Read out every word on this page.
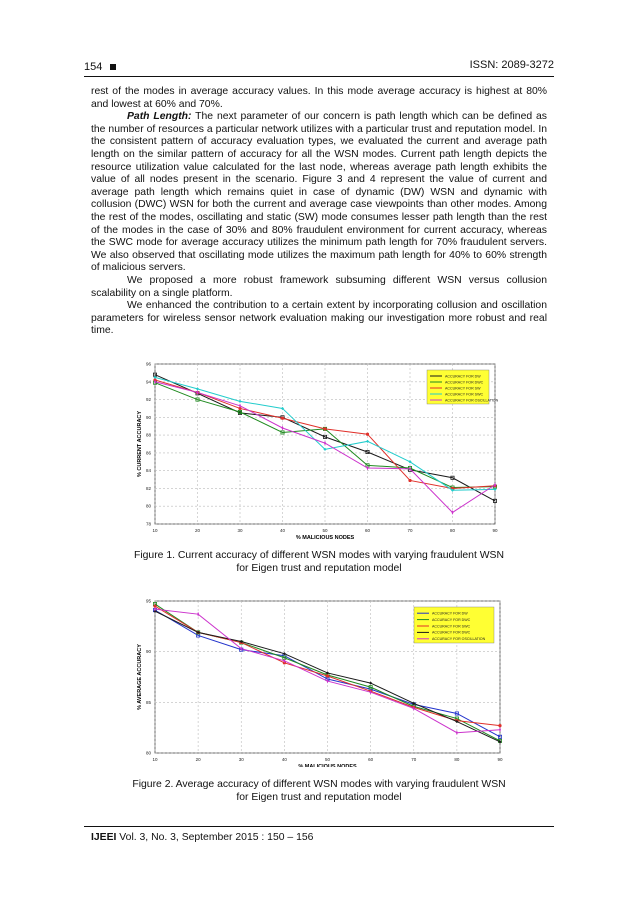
154	ISSN: 2089-3272

rest of the modes in average accuracy values. In this mode average accuracy is highest at 80% and lowest at 60% and 70%.

Path Length: The next parameter of our concern is path length which can be defined as the number of resources a particular network utilizes with a particular trust and reputation model. In the consistent pattern of accuracy evaluation types, we evaluated the current and average path length on the similar pattern of accuracy for all the WSN modes. Current path length depicts the resource utilization value calculated for the last node, whereas average path length exhibits the value of all nodes present in the scenario. Figure 3 and 4 represent the value of current and average path length which remains quiet in case of dynamic (DW) WSN and dynamic with collusion (DWC) WSN for both the current and average case viewpoints than other modes. Among the rest of the modes, oscillating and static (SW) mode consumes lesser path length than the rest of the modes in the case of 30% and 80% fraudulent environment for current accuracy, whereas the SWC mode for average accuracy utilizes the minimum path length for 70% fraudulent servers. We also observed that oscillating mode utilizes the maximum path length for 40% to 60% strength of malicious servers.

We proposed a more robust framework subsuming different WSN versus collusion scalability on a single platform.

We enhanced the contribution to a certain extent by incorporating collusion and oscillation parameters for wireless sensor network evaluation making our investigation more robust and real time.

10	20	30	40	50	60	70	80	90
78
80
82
84
86
88
90
92
94
96
% MALICIOUS NODES
% CURRENT ACCURACY
ACCURACY FOR DW
ACCURACY FOR DWC
ACCURACY FOR SW
ACCURACY FOR SWC
ACCURACY FOR OSCILLATION
Figure 1. Current accuracy of different WSN modes with varying fraudulent WSN
for Eigen trust and reputation model
10	20	30	40	50	60	70	80	90
80
85
90
95
% MALICIOUS NODES
% AVERAGE ACCURACY
ACCURACY FOR DW
ACCURACY FOR DWC
ACCURACY FOR SWC
ACCURACY FOR DWC
ACCURACY FOR OSCILLATION
Figure 2. Average accuracy of different WSN modes with varying fraudulent WSN
for Eigen trust and reputation model
IJEEI Vol. 3, No. 3, September 2015 : 150 – 156
